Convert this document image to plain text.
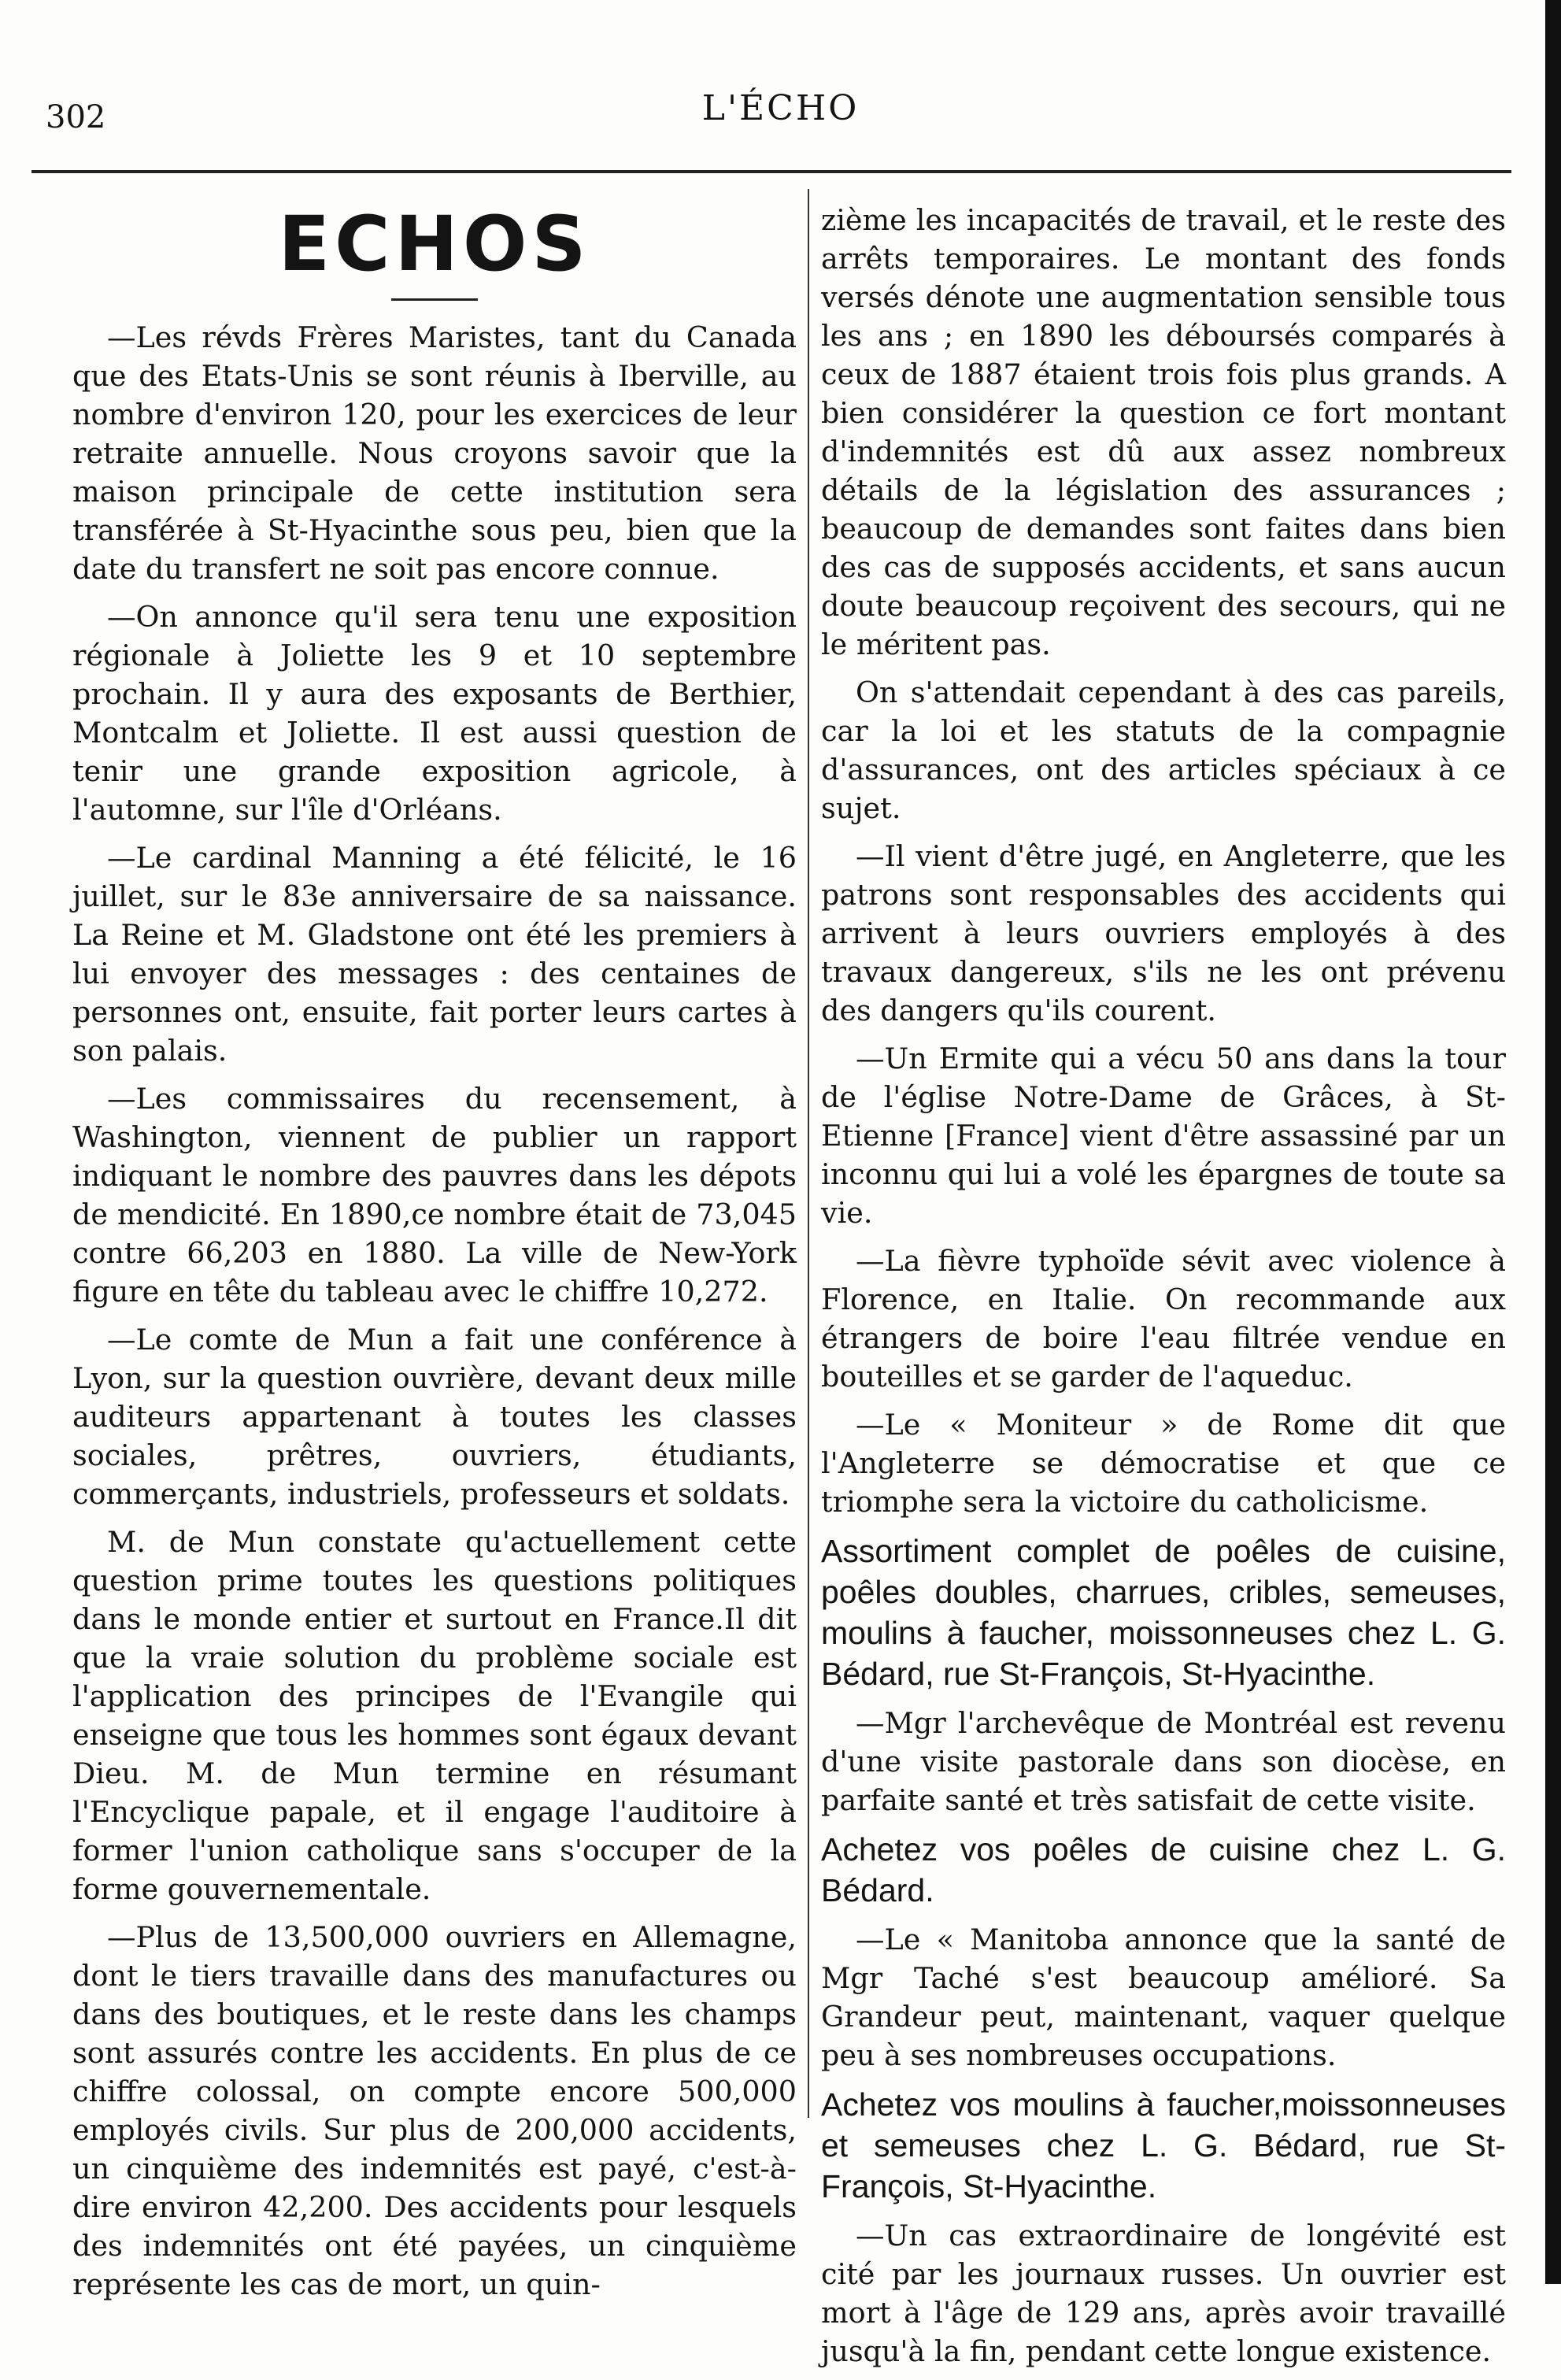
302	L'ÉCHO
ECHOS

—Les révds Frères Maristes, tant du Canada que des Etats-Unis se sont réunis à Iberville, au nombre d'environ 120, pour les exercices de leur retraite annuelle. Nous croyons savoir que la maison principale de cette institution sera transférée à St-Hyacinthe sous peu, bien que la date du transfert ne soit pas encore connue.

—On annonce qu'il sera tenu une exposition régionale à Joliette les 9 et 10 septembre prochain. Il y aura des exposants de Berthier, Montcalm et Joliette. Il est aussi question de tenir une grande exposition agricole, à l'automne, sur l'île d'Orléans.

—Le cardinal Manning a été félicité, le 16 juillet, sur le 83e anniversaire de sa naissance. La Reine et M. Gladstone ont été les premiers à lui envoyer des messages : des centaines de personnes ont, ensuite, fait porter leurs cartes à son palais.

—Les commissaires du recensement, à Washington, viennent de publier un rapport indiquant le nombre des pauvres dans les dépots de mendicité. En 1890,ce nombre était de 73,045 contre 66,203 en 1880. La ville de New-York figure en tête du tableau avec le chiffre 10,272.

—Le comte de Mun a fait une conférence à Lyon, sur la question ouvrière, devant deux mille auditeurs appartenant à toutes les classes sociales, prêtres, ouvriers, étudiants, commerçants, industriels, professeurs et soldats.

M. de Mun constate qu'actuellement cette question prime toutes les questions politiques dans le monde entier et surtout en France.Il dit que la vraie solution du problème sociale est l'application des principes de l'Evangile qui enseigne que tous les hommes sont égaux devant Dieu. M. de Mun termine en résumant l'Encyclique papale, et il engage l'auditoire à former l'union catholique sans s'occuper de la forme gouvernementale.

—Plus de 13,500,000 ouvriers en Allemagne, dont le tiers travaille dans des manufactures ou dans des boutiques, et le reste dans les champs sont assurés contre les accidents. En plus de ce chiffre colossal, on compte encore 500,000 employés civils. Sur plus de 200,000 accidents, un cinquième des indemnités est payé, c'est-à-dire environ 42,200. Des accidents pour lesquels des indemnités ont été payées, un cinquième représente les cas de mort, un quin-

zième les incapacités de travail, et le reste des arrêts temporaires. Le montant des fonds versés dénote une augmentation sensible tous les ans ; en 1890 les déboursés comparés à ceux de 1887 étaient trois fois plus grands. A bien considérer la question ce fort montant d'indemnités est dû aux assez nombreux détails de la législation des assurances ; beaucoup de demandes sont faites dans bien des cas de supposés accidents, et sans aucun doute beaucoup reçoivent des secours, qui ne le méritent pas.

On s'attendait cependant à des cas pareils, car la loi et les statuts de la compagnie d'assurances, ont des articles spéciaux à ce sujet.

—Il vient d'être jugé, en Angleterre, que les patrons sont responsables des accidents qui arrivent à leurs ouvriers employés à des travaux dangereux, s'ils ne les ont prévenu des dangers qu'ils courent.

—Un Ermite qui a vécu 50 ans dans la tour de l'église Notre-Dame de Grâces, à St-Etienne [France] vient d'être assassiné par un inconnu qui lui a volé les épargnes de toute sa vie.

—La fièvre typhoïde sévit avec violence à Florence, en Italie. On recommande aux étrangers de boire l'eau filtrée vendue en bouteilles et se garder de l'aqueduc.

—Le « Moniteur » de Rome dit que l'Angleterre se démocratise et que ce triomphe sera la victoire du catholicisme.

Assortiment complet de poêles de cuisine, poêles doubles, charrues, cribles, semeuses, moulins à faucher, moissonneuses chez L. G. Bédard, rue St-François, St-Hyacinthe.

—Mgr l'archevêque de Montréal est revenu d'une visite pastorale dans son diocèse, en parfaite santé et très satisfait de cette visite.

Achetez vos poêles de cuisine chez L. G. Bédard.

—Le « Manitoba annonce que la santé de Mgr Taché s'est beaucoup amélioré. Sa Grandeur peut, maintenant, vaquer quelque peu à ses nombreuses occupations.

Achetez vos moulins à faucher,moissonneuses et semeuses chez L. G. Bédard, rue St-François, St-Hyacinthe.

—Un cas extraordinaire de longévité est cité par les journaux russes. Un ouvrier est mort à l'âge de 129 ans, après avoir travaillé jusqu'à la fin, pendant cette longue existence.
